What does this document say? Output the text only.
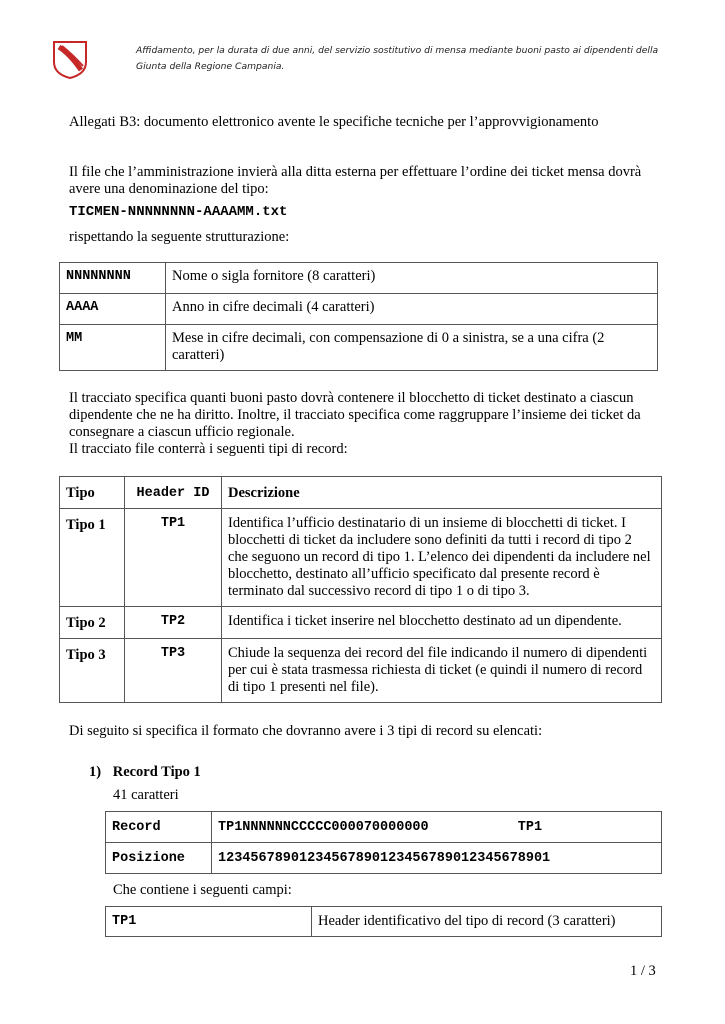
Affidamento, per la durata di due anni, del servizio sostitutivo di mensa mediante buoni pasto ai dipendenti della
Giunta della Regione Campania.
Allegati B3: documento elettronico avente le specifiche tecniche per l’approvvigionamento
Il file che l’amministrazione invierà alla ditta esterna per effettuare l’ordine dei ticket mensa dovrà
avere una denominazione del tipo:
TICMEN-NNNNNNNN-AAAAMM.txt
rispettando la seguente strutturazione:
NNNNNNNN	Nome o sigla fornitore (8 caratteri)
AAAA	Anno in cifre decimali (4 caratteri)
MM	Mese in cifre decimali, con compensazione di 0 a sinistra, se a una cifra (2 caratteri)
Il tracciato specifica quanti buoni pasto dovrà contenere il blocchetto di ticket destinato a ciascun
dipendente che ne ha diritto. Inoltre, il tracciato specifica come raggruppare l’insieme dei ticket da
consegnare a ciascun ufficio regionale.
Il tracciato file conterrà i seguenti tipi di record:
Tipo	Header ID	Descrizione
Tipo 1	TP1	Identifica l’ufficio destinatario di un insieme di blocchetti di ticket. I blocchetti di ticket da includere sono definiti da tutti i record di tipo 2 che seguono un record di tipo 1. L’elenco dei dipendenti da includere nel blocchetto, destinato all’ufficio specificato dal presente record è terminato dal successivo record di tipo 1 o di tipo 3.
Tipo 2	TP2	Identifica i ticket inserire nel blocchetto destinato ad un dipendente.
Tipo 3	TP3	Chiude la sequenza dei record del file indicando il numero di dipendenti per cui è stata trasmessa richiesta di ticket (e quindi il numero di record di tipo 1 presenti nel file).
Di seguito si specifica il formato che dovranno avere i 3 tipi di record su elencati:
1) Record Tipo 1
41 caratteri
Record	TP1NNNNNNCCCCC000070000000           TP1
Posizione	12345678901234567890123456789012345678901
Che contiene i seguenti campi:
TP1	Header identificativo del tipo di record (3 caratteri)
1 / 3
